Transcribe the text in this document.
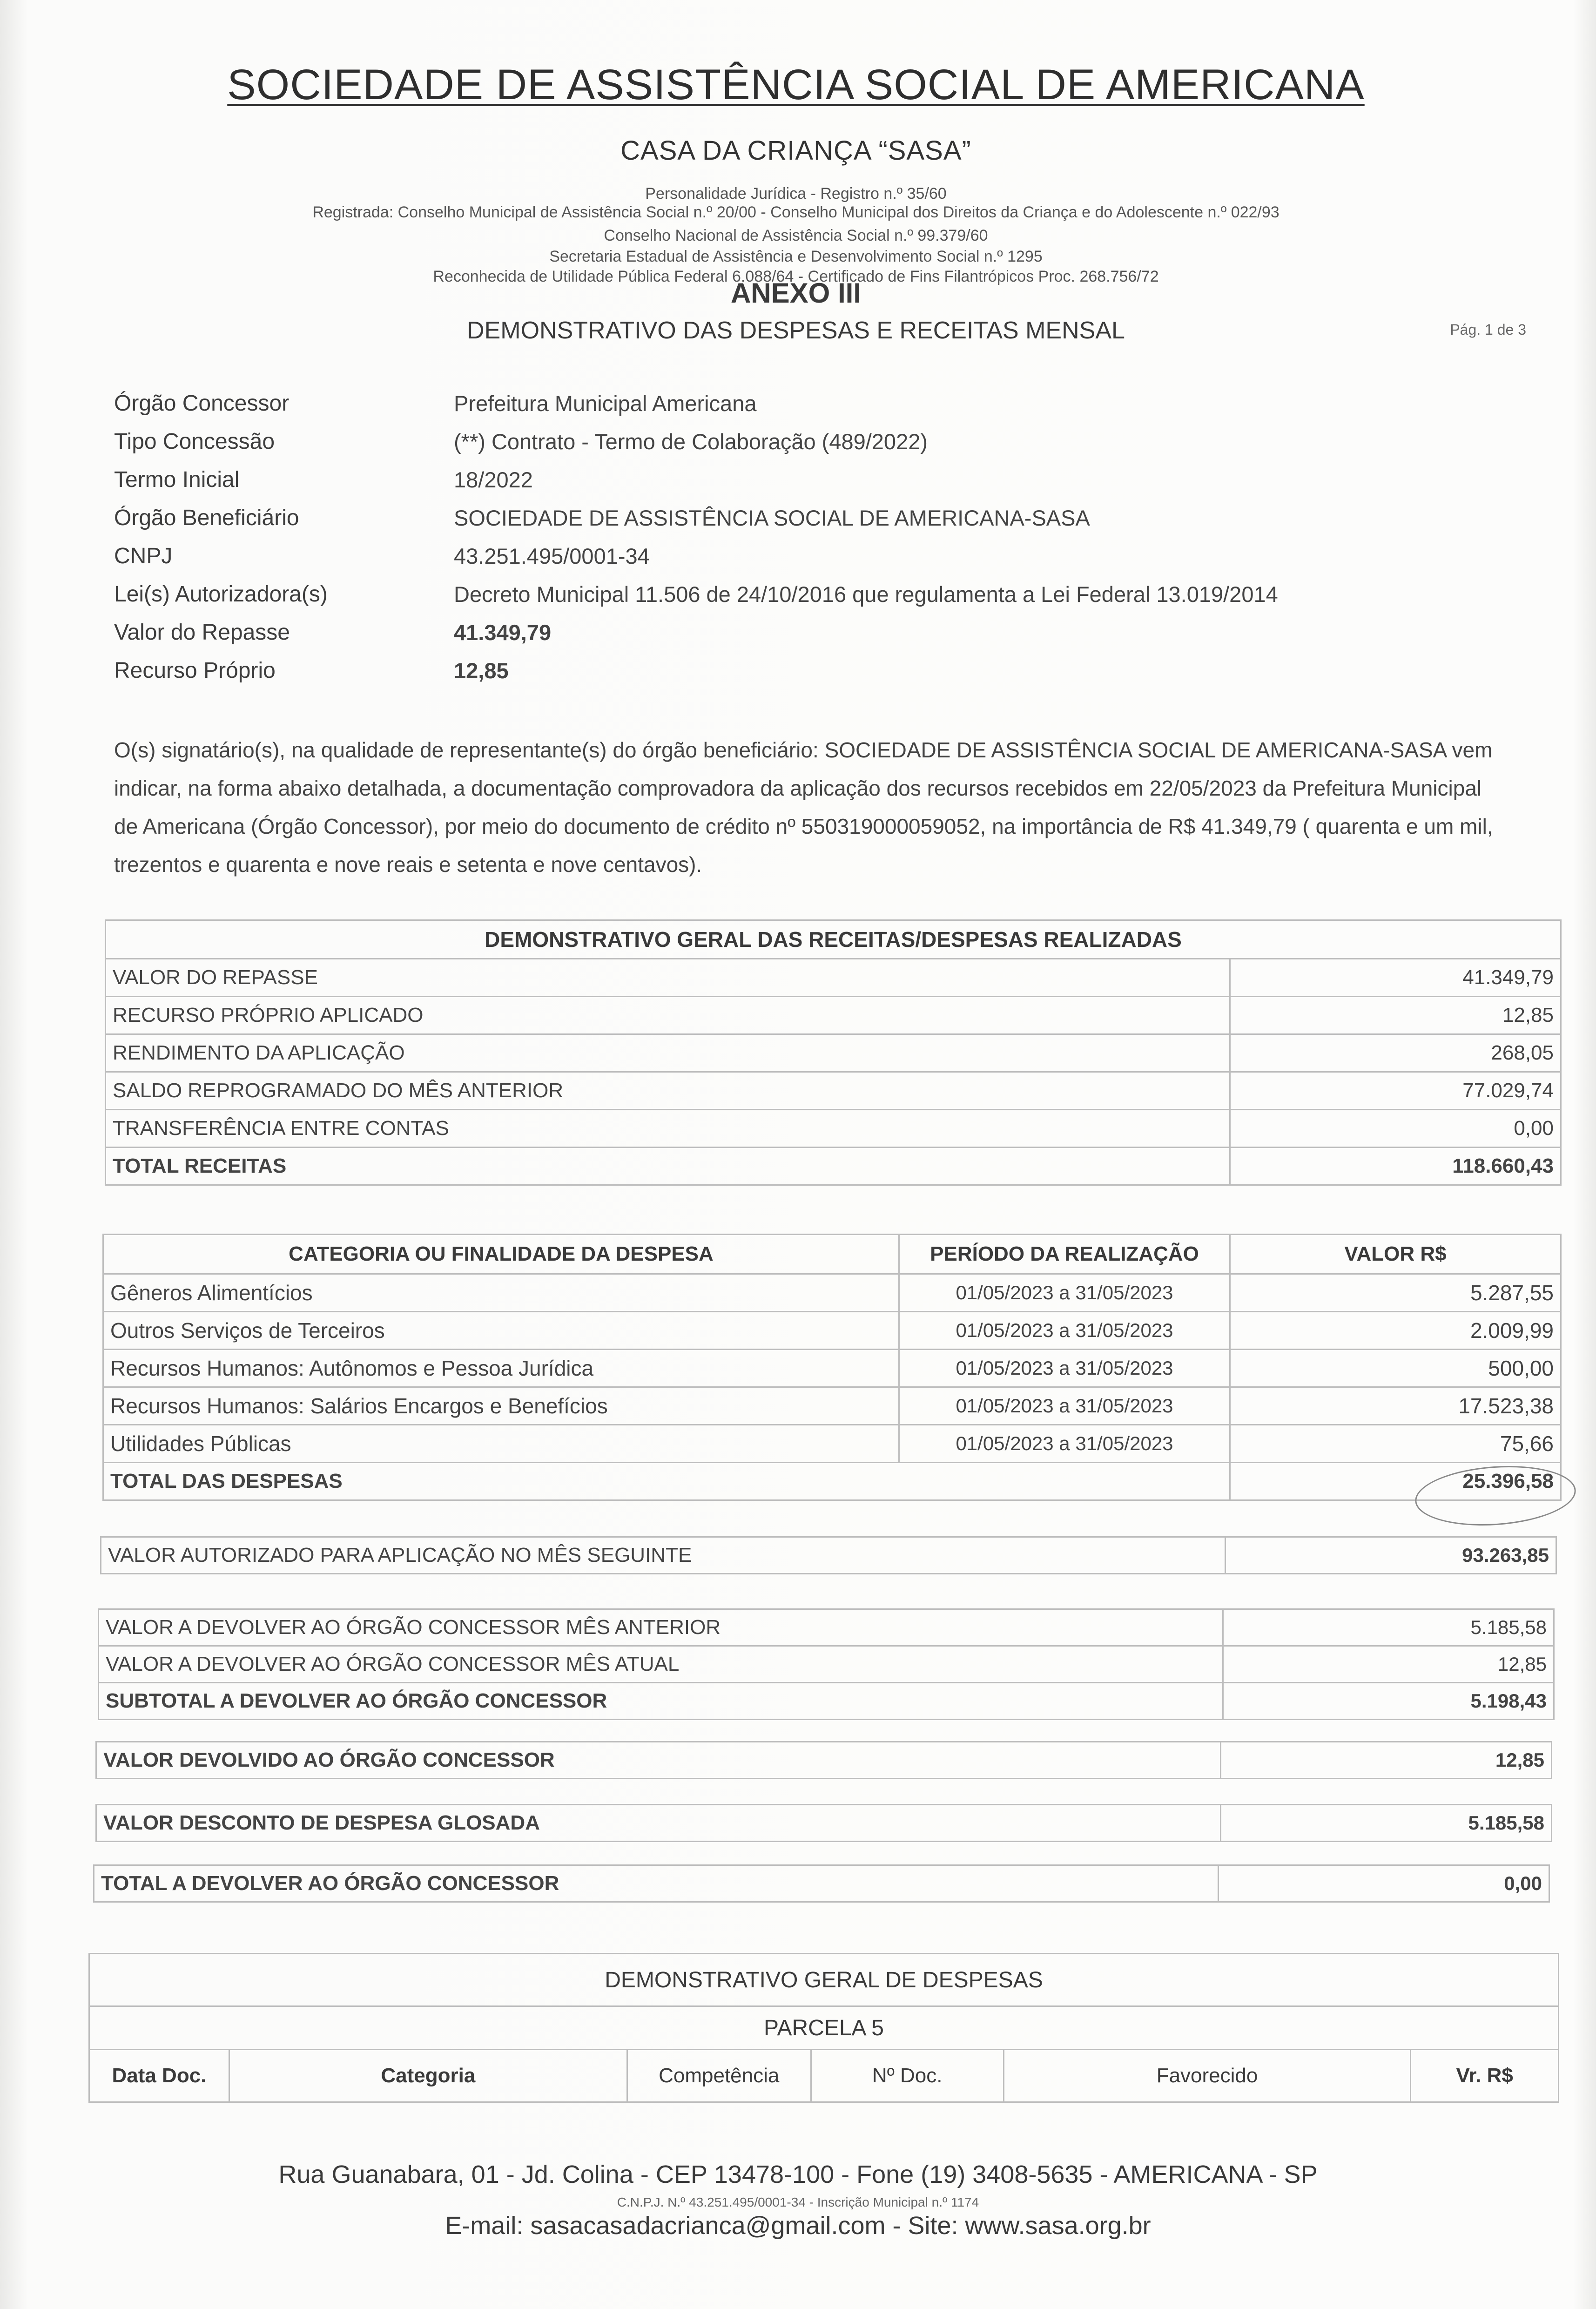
SOCIEDADE DE ASSISTÊNCIA SOCIAL DE AMERICANA
CASA DA CRIANÇA “SASA”
Personalidade Jurídica - Registro n.º 35/60
Registrada: Conselho Municipal de Assistência Social n.º 20/00 - Conselho Municipal dos Direitos da Criança e do Adolescente n.º 022/93
Conselho Nacional de Assistência Social n.º 99.379/60
Secretaria Estadual de Assistência e Desenvolvimento Social n.º 1295
Reconhecida de Utilidade Pública Federal 6.088/64 - Certificado de Fins Filantrópicos Proc. 268.756/72
ANEXO III
DEMONSTRATIVO DAS DESPESAS E RECEITAS MENSAL	Pág. 1 de 3
Órgão Concessor	Prefeitura Municipal Americana
Tipo Concessão	(**) Contrato - Termo de Colaboração (489/2022)
Termo Inicial	18/2022
Órgão Beneficiário	SOCIEDADE DE ASSISTÊNCIA SOCIAL DE AMERICANA-SASA
CNPJ	43.251.495/0001-34
Lei(s) Autorizadora(s)	Decreto Municipal 11.506 de 24/10/2016 que regulamenta a Lei Federal 13.019/2014
Valor do Repasse	41.349,79
Recurso Próprio	12,85
O(s) signatário(s), na qualidade de representante(s) do órgão beneficiário: SOCIEDADE DE ASSISTÊNCIA SOCIAL DE AMERICANA-SASA vem indicar, na forma abaixo detalhada, a documentação comprovadora da aplicação dos recursos recebidos em 22/05/2023 da Prefeitura Municipal de Americana (Órgão Concessor), por meio do documento de crédito nº 550319000059052, na importância de R$ 41.349,79 ( quarenta e um mil, trezentos e quarenta e nove reais e setenta e nove centavos).
DEMONSTRATIVO GERAL DAS RECEITAS/DESPESAS REALIZADAS	
VALOR DO REPASSE	41.349,79
RECURSO PRÓPRIO APLICADO	12,85
RENDIMENTO DA APLICAÇÃO	268,05
SALDO REPROGRAMADO DO MÊS ANTERIOR	77.029,74
TRANSFERÊNCIA ENTRE CONTAS	0,00
TOTAL RECEITAS	118.660,43
CATEGORIA OU FINALIDADE DA DESPESA	PERÍODO DA REALIZAÇÃO	VALOR R$
Gêneros Alimentícios	01/05/2023 a 31/05/2023	5.287,55
Outros Serviços de Terceiros	01/05/2023 a 31/05/2023	2.009,99
Recursos Humanos: Autônomos e Pessoa Jurídica	01/05/2023 a 31/05/2023	500,00
Recursos Humanos: Salários Encargos e Benefícios	01/05/2023 a 31/05/2023	17.523,38
Utilidades Públicas	01/05/2023 a 31/05/2023	75,66
TOTAL DAS DESPESAS		25.396,58
VALOR AUTORIZADO PARA APLICAÇÃO NO MÊS SEGUINTE	93.263,85
VALOR A DEVOLVER AO ÓRGÃO CONCESSOR MÊS ANTERIOR	5.185,58
VALOR A DEVOLVER AO ÓRGÃO CONCESSOR MÊS ATUAL	12,85
SUBTOTAL A DEVOLVER AO ÓRGÃO CONCESSOR	5.198,43
VALOR DEVOLVIDO AO ÓRGÃO CONCESSOR	12,85
VALOR DESCONTO DE DESPESA GLOSADA	5.185,58
TOTAL A DEVOLVER AO ÓRGÃO CONCESSOR	0,00
DEMONSTRATIVO GERAL DE DESPESAS
PARCELA 5
Data Doc.	Categoria	Competência	Nº Doc.	Favorecido	Vr. R$
Rua Guanabara, 01 - Jd. Colina - CEP 13478-100 - Fone (19) 3408-5635 - AMERICANA - SP
C.N.P.J. N.º 43.251.495/0001-34 - Inscrição Municipal n.º 1174
E-mail: sasacasadacrianca@gmail.com - Site: www.sasa.org.br
